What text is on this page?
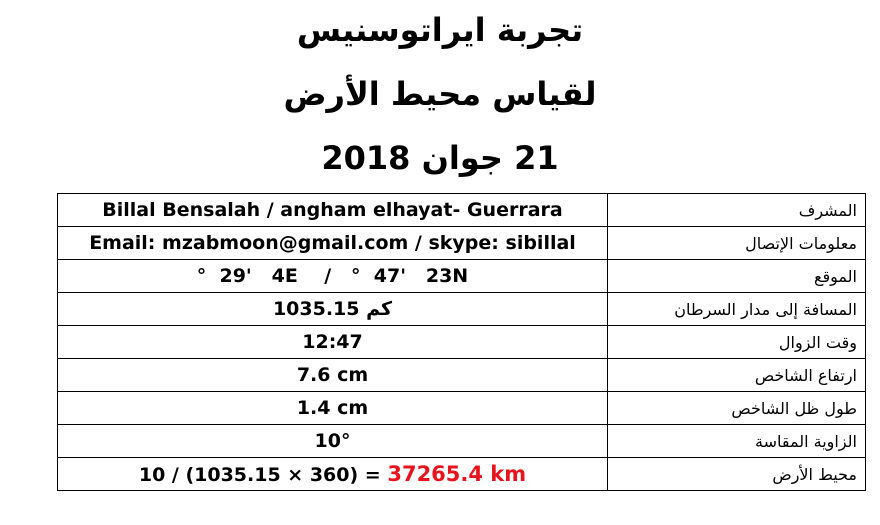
تجربة ايراتوسنيس
لقياس محيط الأرض
21 جوان 2018
Billal Bensalah / angham elhayat- Guerrara	المشرف
Email: mzabmoon@gmail.com / skype: sibillal	معلومات الإتصال
°  29'   4E    /   °  47'   23N	الموقع
1035.15 كم	المسافة إلى مدار السرطان
12:47	وقت الزوال
7.6 cm	ارتفاع الشاخص
1.4 cm	طول ظل الشاخص
10°	الزاوية المقاسة
10 / (1035.15 × 360) = 37265.4 km	محيط الأرض
